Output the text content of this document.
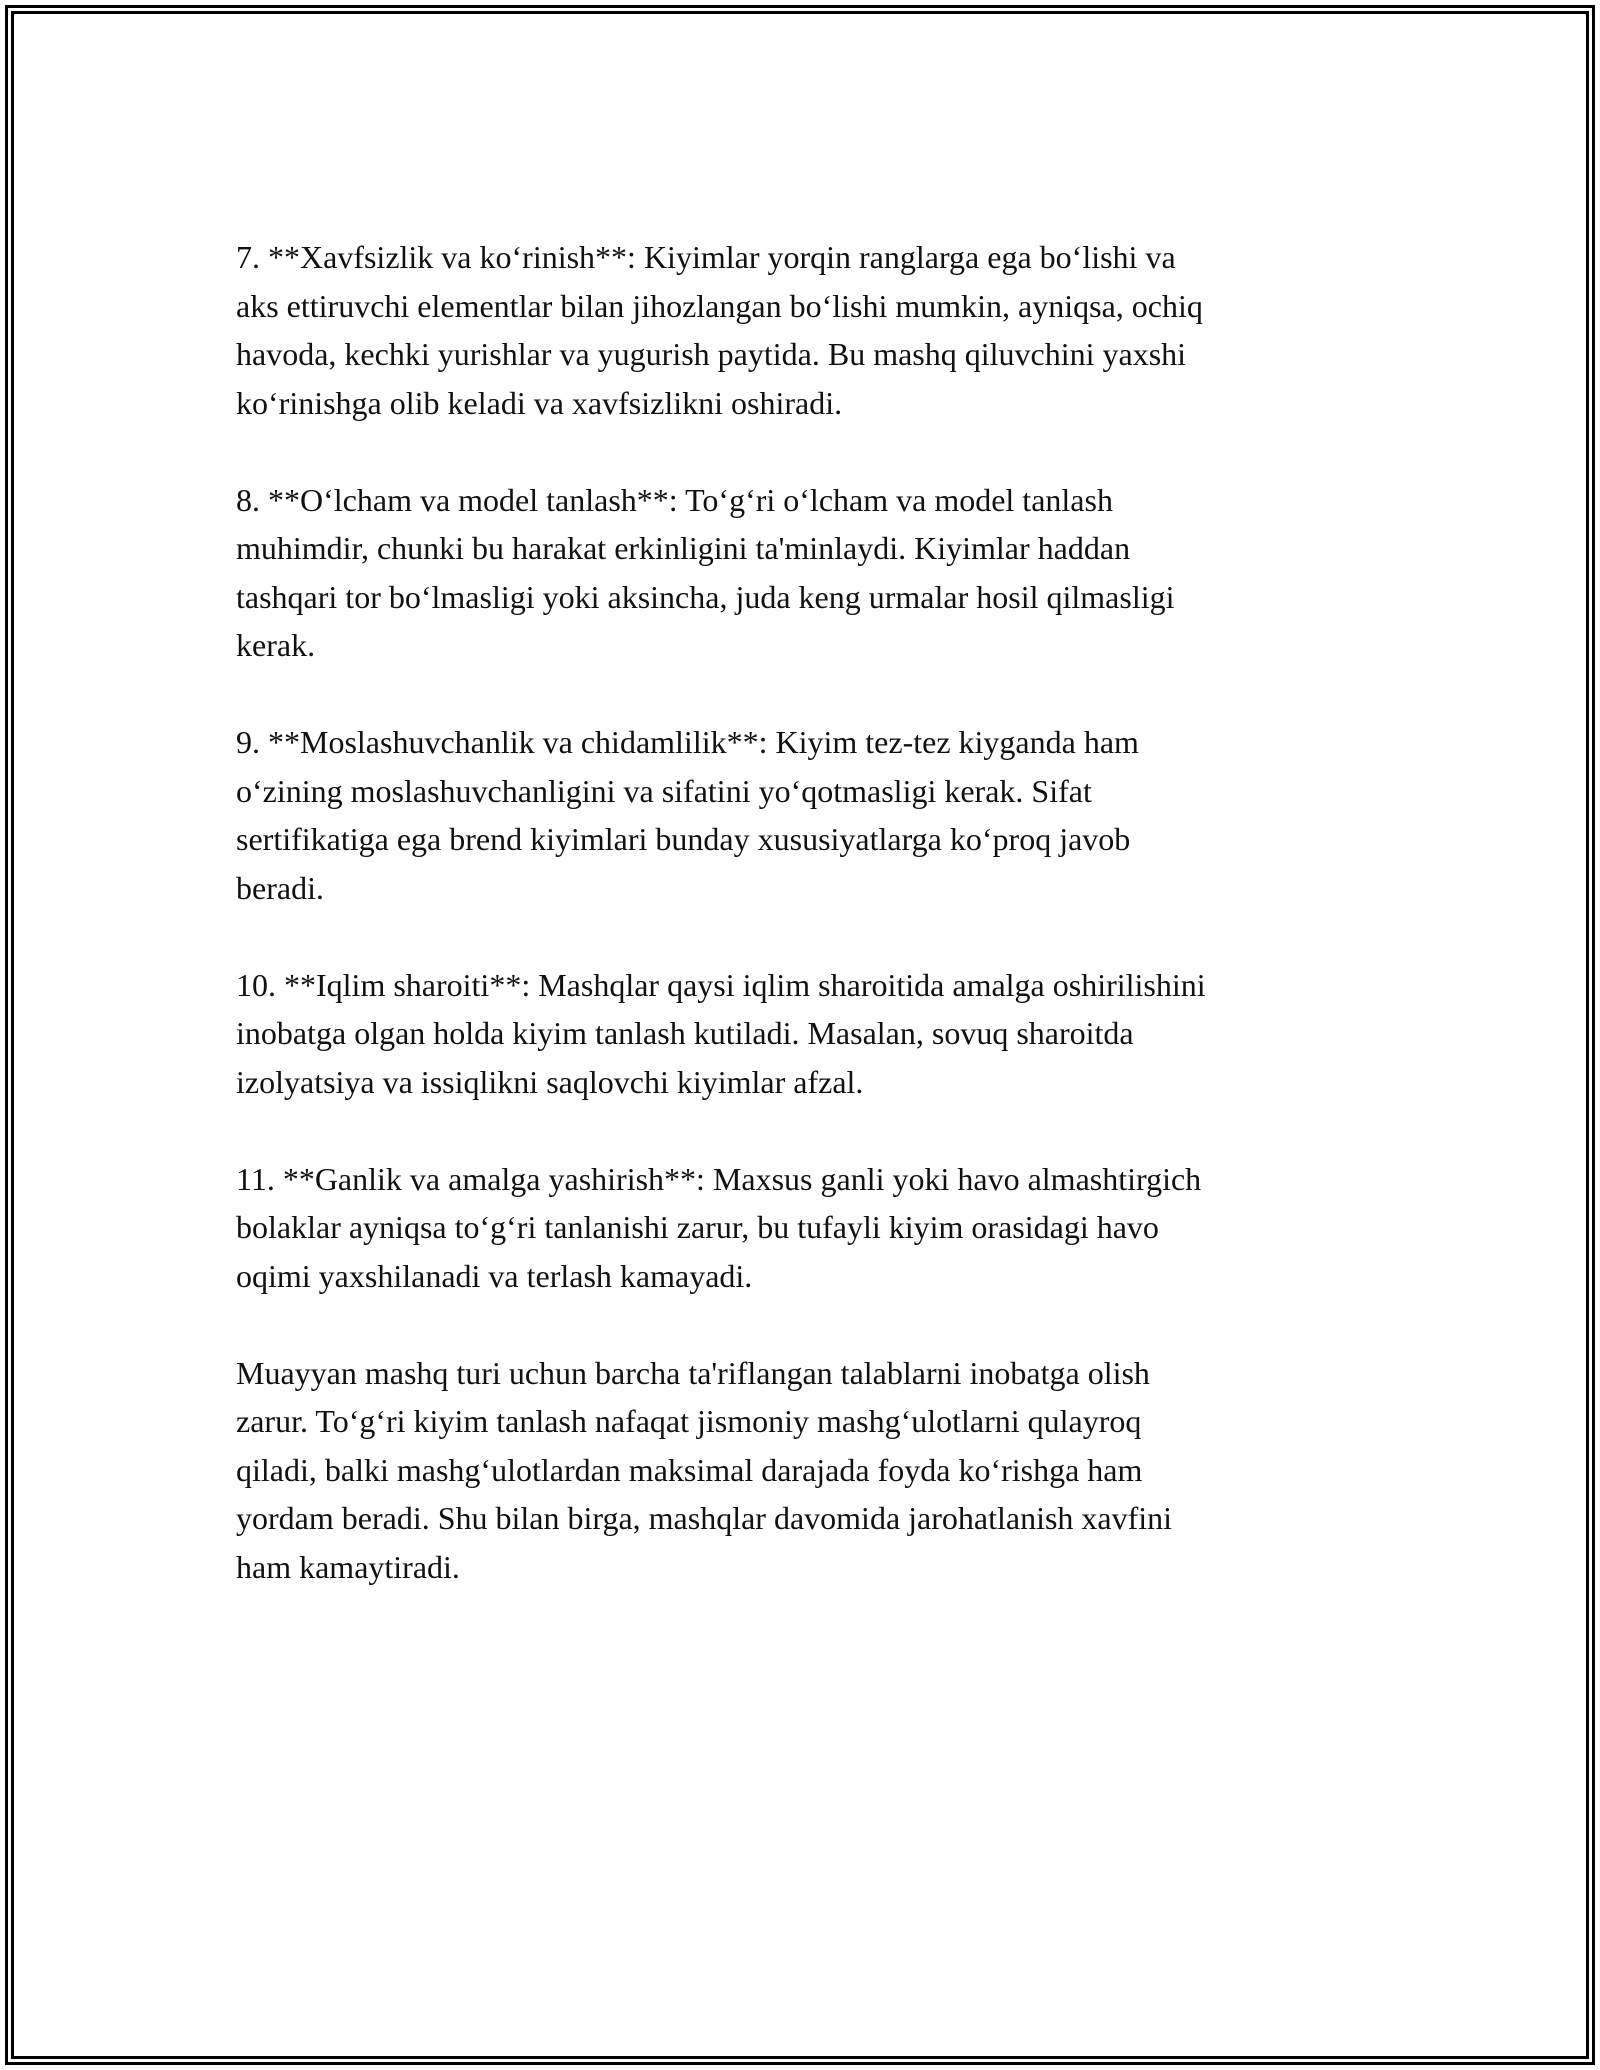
7. **Xavfsizlik va ko‘rinish**: Kiyimlar yorqin ranglarga ega bo‘lishi va
aks ettiruvchi elementlar bilan jihozlangan bo‘lishi mumkin, ayniqsa, ochiq
havoda, kechki yurishlar va yugurish paytida. Bu mashq qiluvchini yaxshi
ko‘rinishga olib keladi va xavfsizlikni oshiradi.

8. **O‘lcham va model tanlash**: To‘g‘ri o‘lcham va model tanlash
muhimdir, chunki bu harakat erkinligini ta'minlaydi. Kiyimlar haddan
tashqari tor bo‘lmasligi yoki aksincha, juda keng urmalar hosil qilmasligi
kerak.

9. **Moslashuvchanlik va chidamlilik**: Kiyim tez-tez kiyganda ham
o‘zining moslashuvchanligini va sifatini yo‘qotmasligi kerak. Sifat
sertifikatiga ega brend kiyimlari bunday xususiyatlarga ko‘proq javob
beradi.

10. **Iqlim sharoiti**: Mashqlar qaysi iqlim sharoitida amalga oshirilishini
inobatga olgan holda kiyim tanlash kutiladi. Masalan, sovuq sharoitda
izolyatsiya va issiqlikni saqlovchi kiyimlar afzal.

11. **Ganlik va amalga yashirish**: Maxsus ganli yoki havo almashtirgich
bolaklar ayniqsa to‘g‘ri tanlanishi zarur, bu tufayli kiyim orasidagi havo
oqimi yaxshilanadi va terlash kamayadi.

Muayyan mashq turi uchun barcha ta'riflangan talablarni inobatga olish
zarur. To‘g‘ri kiyim tanlash nafaqat jismoniy mashg‘ulotlarni qulayroq
qiladi, balki mashg‘ulotlardan maksimal darajada foyda ko‘rishga ham
yordam beradi. Shu bilan birga, mashqlar davomida jarohatlanish xavfini
ham kamaytiradi.
